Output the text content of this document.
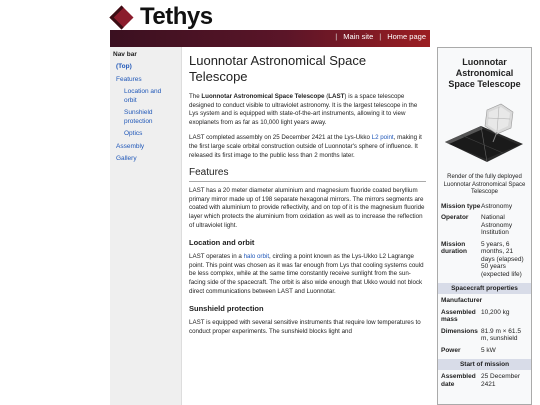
Tethys
| Main site | Home page
Nav bar
(Top)
Features
Location and orbit
Sunshield protection
Optics
Assembly
Gallery
Luonnotar Astronomical Space Telescope

The Luonnotar Astronomical Space Telescope (LAST) is a space telescope designed to conduct visible to ultraviolet astronomy. It is the largest telescope in the Lys system and is equipped with state-of-the-art instruments, allowing it to view exoplanets from as far as 10,000 light years away.

LAST completed assembly on 25 December 2421 at the Lys-Ukko L2 point, making it the first large scale orbital construction outside of Luonnotar's sphere of influence. It released its first image to the public less than 2 months later.

Features

LAST has a 20 meter diameter aluminium and magnesium fluoride coated beryllium primary mirror made up of 198 separate hexagonal mirrors. The mirrors segments are coated with aluminium to provide reflectivity, and on top of it is the magnesium fluoride layer which protects the aluminium from oxidation as well as to increase the reflection of ultraviolet light.

Location and orbit

LAST operates in a halo orbit, circling a point known as the Lys-Ukko L2 Lagrange point. This point was chosen as it was far enough from Lys that cooling systems could be less complex, while at the same time constantly receive sunlight from the sun-facing side of the spacecraft. The orbit is also wide enough that Ukko would not block direct communications between LAST and Luonnotar.

Sunshield protection

LAST is equipped with several sensitive instruments that require low temperatures to conduct proper experiments. The sunshield blocks light and

Luonnotar Astronomical Space Telescope
Render of the fully deployed Luonnotar Astronomical Space Telescope
Mission type Astronomy
Operator	National Astronomy Institution
Mission duration
5 years, 6 months, 21 days (elapsed) 50 years (expected life)
Spacecraft properties
Manufacturer
Assembled mass
10,200 kg
Dimensions 81.9 m × 61.5 m, sunshield
Power	5 kW
Start of mission
Assembled date
25 December 2421
